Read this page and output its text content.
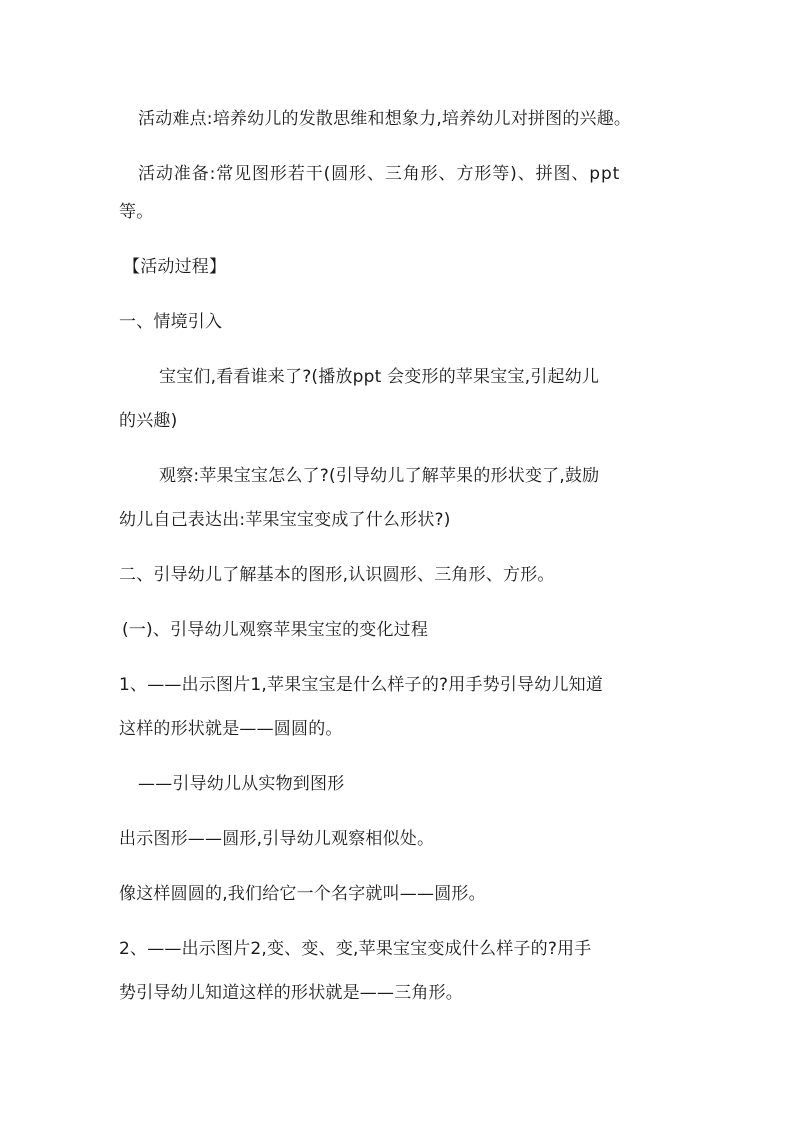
活动难点:培养幼儿的发散思维和想象力,培养幼儿对拼图的兴趣。
活动准备:常见图形若干(圆形、三角形、方形等)、拼图、ppt
等。
【活动过程】
一、情境引入
宝宝们,看看谁来了?(播放ppt 会变形的苹果宝宝,引起幼儿
的兴趣)
观察:苹果宝宝怎么了?(引导幼儿了解苹果的形状变了,鼓励
幼儿自己表达出:苹果宝宝变成了什么形状?)
二、引导幼儿了解基本的图形,认识圆形、三角形、方形。
(一)、引导幼儿观察苹果宝宝的变化过程
1、——出示图片1,苹果宝宝是什么样子的?用手势引导幼儿知道
这样的形状就是——圆圆的。
——引导幼儿从实物到图形
出示图形——圆形,引导幼儿观察相似处。
像这样圆圆的,我们给它一个名字就叫——圆形。
2、——出示图片2,变、变、变,苹果宝宝变成什么样子的?用手
势引导幼儿知道这样的形状就是——三角形。
